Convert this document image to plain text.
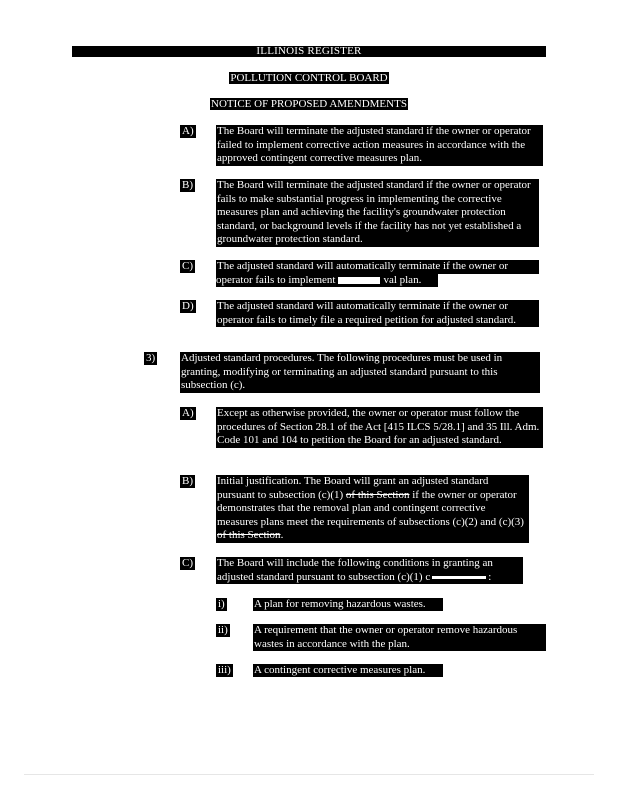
ILLINOIS REGISTER
POLLUTION CONTROL BOARD
NOTICE OF PROPOSED AMENDMENTS
A) The Board will terminate the adjusted standard if the owner or operator failed to implement corrective action measures in accordance with the approved contingent corrective measures plan.
B) The Board will terminate the adjusted standard if the owner or operator fails to make substantial progress in implementing the corrective measures plan and achieving the facility's groundwater protection standard, or background levels if the facility has not yet established a groundwater protection standard.
C) The adjusted standard will automatically terminate if the owner or
operator fails to implement	val plan.
D) The adjusted standard will automatically terminate if the owner or operator fails to timely file a required petition for adjusted standard.
3) Adjusted standard procedures. The following procedures must be used in granting, modifying or terminating an adjusted standard pursuant to this subsection (c).
A) Except as otherwise provided, the owner or operator must follow the procedures of Section 28.1 of the Act [415 ILCS 5/28.1] and 35 Ill. Adm. Code 101 and 104 to petition the Board for an adjusted standard.
B) Initial justification. The Board will grant an adjusted standard pursuant to subsection (c)(1) of this Section if the owner or operator demonstrates that the removal plan and contingent corrective measures plans meet the requirements of subsections (c)(2) and (c)(3) of this Section.
C) The Board will include the following conditions in granting an
adjusted standard pursuant to subsection (c)(1) c	:
i)	A plan for removing hazardous wastes.
ii) A requirement that the owner or operator remove hazardous wastes in accordance with the plan.
iii) A contingent corrective measures plan.
